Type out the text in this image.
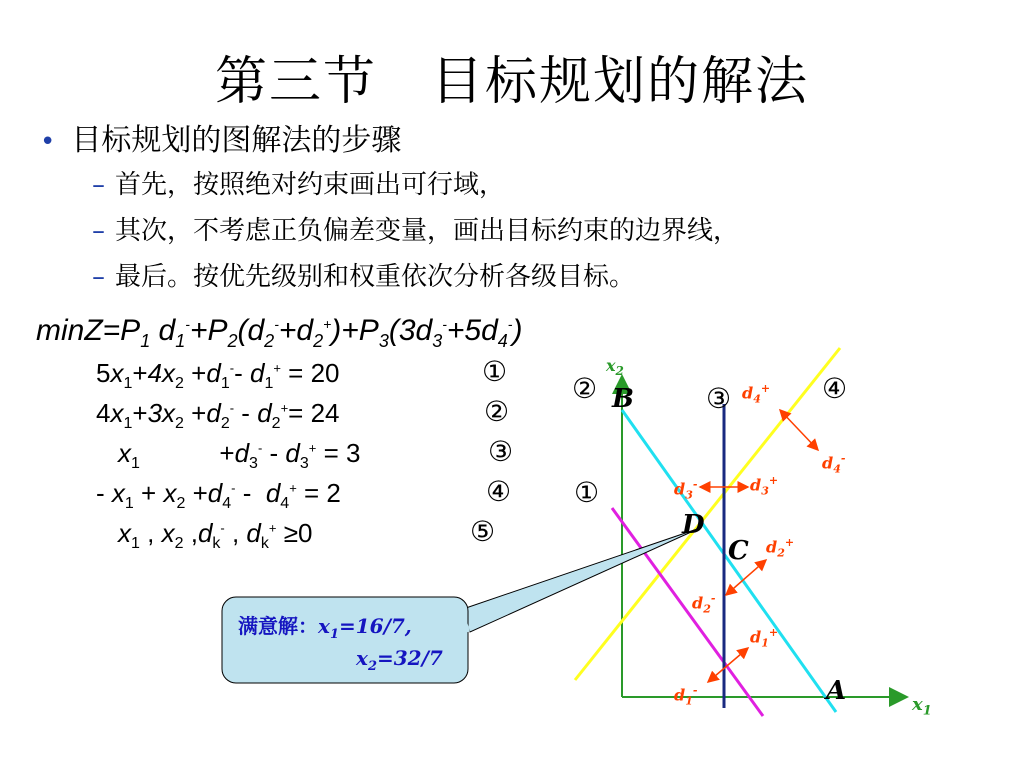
第三节　目标规划的解法
• 目标规划的图解法的步骤
– 首先，按照绝对约束画出可行域，
– 其次，不考虑正负偏差变量，画出目标约束的边界线，
– 最后。按优先级别和权重依次分析各级目标。
$\min Z=P_1$ $d_1^-+P_2(d_2^-+d_2^+)+P_3(3d_3^-+5d_4^-)$
$5x_1+4x_2 +d_1^--$ $d_1^+ = 20$	①
$4x_1+3x_2 +d_2^- - d_2^+= 24$	②
$x_1$           $+d_3^- - d_3^+ = 3$	③
- $x_1 + x_2 +d_4^- - d_4^+ = 2$	④
$x_1$ , $x_2$ $,d_k^-$ , $d_k^+ \ge 0$	⑤
$x_2$
$x_1$
②	③	④
①
B
D
C
A
$d_4^+$
$d_4^-$
$d_3^-$	$d_3^+$
$d_2^+$
$d_2^-$
$d_1^+$
$d_1^-$
满意解：$x_1=16/7$,
$x_2=32/7$
